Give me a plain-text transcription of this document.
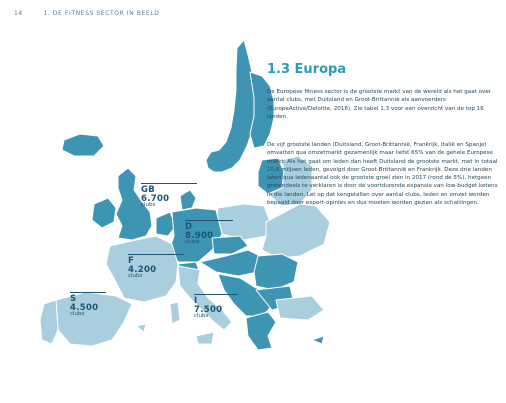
14	1. DE FITNESS SECTOR IN BEELD
GB
6.700
clubs
D
8.900
clubs
F
4.200
clubs
S
4.500
clubs
I
7.500
clubs
1.3 Europa
De Europese fitness sector is de grootste markt van de wereld als het gaat over aantal clubs, met Duitsland en Groot-Brittannië als aanvoerders (EuropeActive/Deloitte, 2018). Zie tabel 1.3 voor een overzicht van de top 16 landen.
De vijf grootste landen (Duitsland, Groot-Brittannië, Frankrijk, Italië en Spanje) omvatten qua omzetmarkt gezamenlijk maar liefst 65% van de gehele Europese markt. Als het gaat om leden dan heeft Duitsland de grootste markt, met in totaal 10,6 miljoen leden, gevolgd door Groot-Brittannië en Frankrijk. Deze drie landen laten qua ledenaantal ook de grootste groei zien in 2017 (rond de 5%), hetgeen grotendeels te verklaren is door de voortdurende expansie van low-budget ketens in die landen. Let op dat kengetallen over aantal clubs, leden en omzet worden bepaald door expert-opinies en dus moeten worden gezien als schattingen.
